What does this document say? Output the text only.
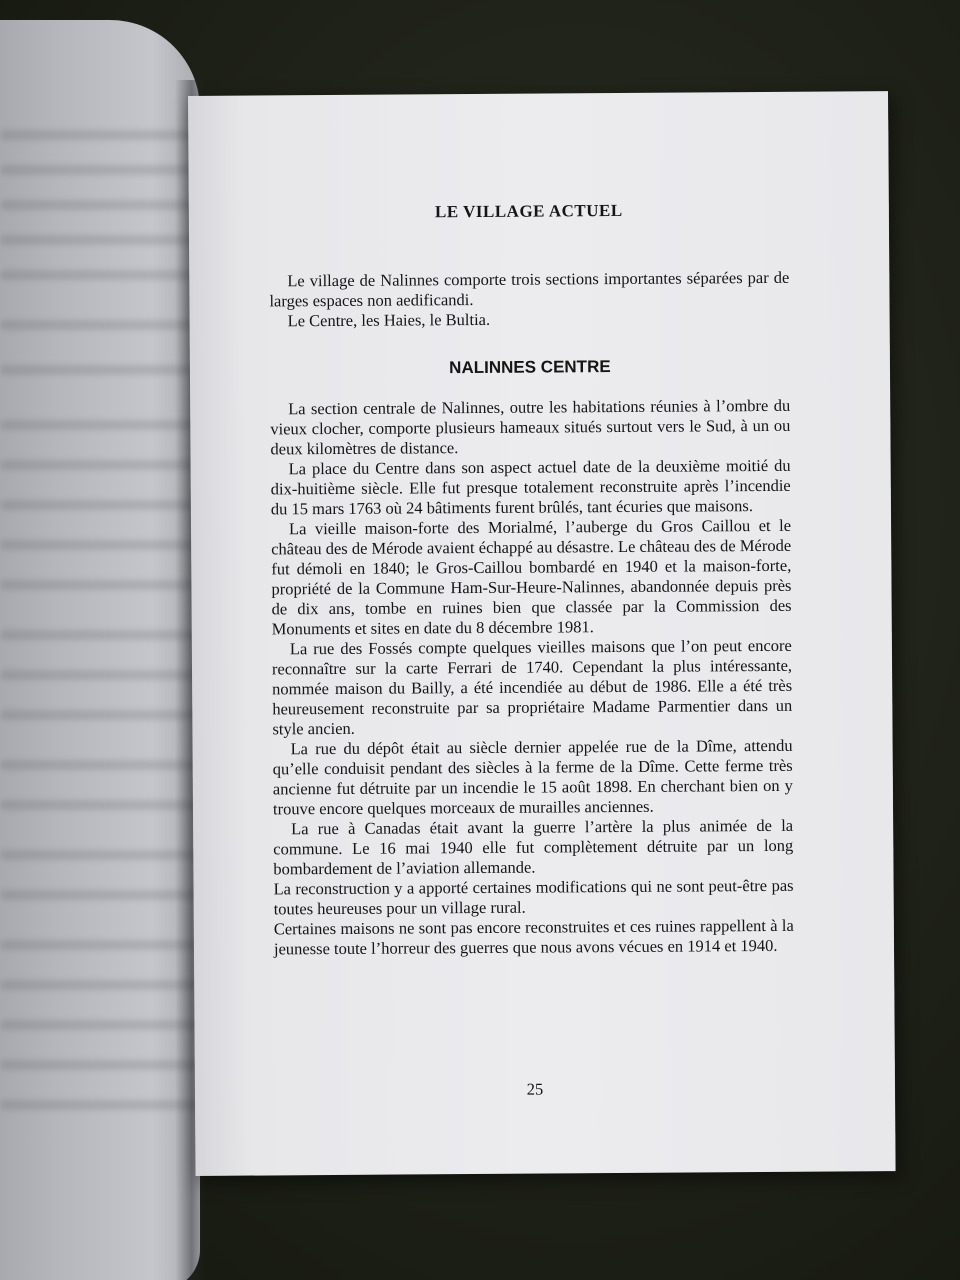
LE VILLAGE ACTUEL

Le village de Nalinnes comporte trois sections importantes séparées par de larges espaces non aedificandi.

Le Centre, les Haies, le Bultia.

NALINNES CENTRE

La section centrale de Nalinnes, outre les habitations réunies à l’ombre du vieux clocher, comporte plusieurs hameaux situés surtout vers le Sud, à un ou deux kilomètres de distance.

La place du Centre dans son aspect actuel date de la deuxième moitié du dix-huitième siècle. Elle fut presque totalement reconstruite après l’incendie du 15 mars 1763 où 24 bâtiments furent brûlés, tant écuries que maisons.

La vieille maison-forte des Morialmé, l’auberge du Gros Caillou et le château des de Mérode avaient échappé au désastre. Le château des de Mérode fut démoli en 1840; le Gros-Caillou bombardé en 1940 et la maison-forte, propriété de la Commune Ham-Sur-Heure-Nalinnes, abandonnée depuis près de dix ans, tombe en ruines bien que classée par la Commission des Monuments et sites en date du 8 décembre 1981.

La rue des Fossés compte quelques vieilles maisons que l’on peut encore reconnaître sur la carte Ferrari de 1740. Cependant la plus intéressante, nommée maison du Bailly, a été incendiée au début de 1986. Elle a été très heureusement reconstruite par sa propriétaire Madame Parmentier dans un style ancien.

La rue du dépôt était au siècle dernier appelée rue de la Dîme, attendu qu’elle conduisit pendant des siècles à la ferme de la Dîme. Cette ferme très ancienne fut détruite par un incendie le 15 août 1898. En cherchant bien on y trouve encore quelques morceaux de murailles anciennes.

La rue à Canadas était avant la guerre l’artère la plus animée de la commune. Le 16 mai 1940 elle fut complètement détruite par un long bombardement de l’aviation allemande.

La reconstruction y a apporté certaines modifications qui ne sont peut-être pas toutes heureuses pour un village rural.

Certaines maisons ne sont pas encore reconstruites et ces ruines rappellent à la jeunesse toute l’horreur des guerres que nous avons vécues en 1914 et 1940.

25
